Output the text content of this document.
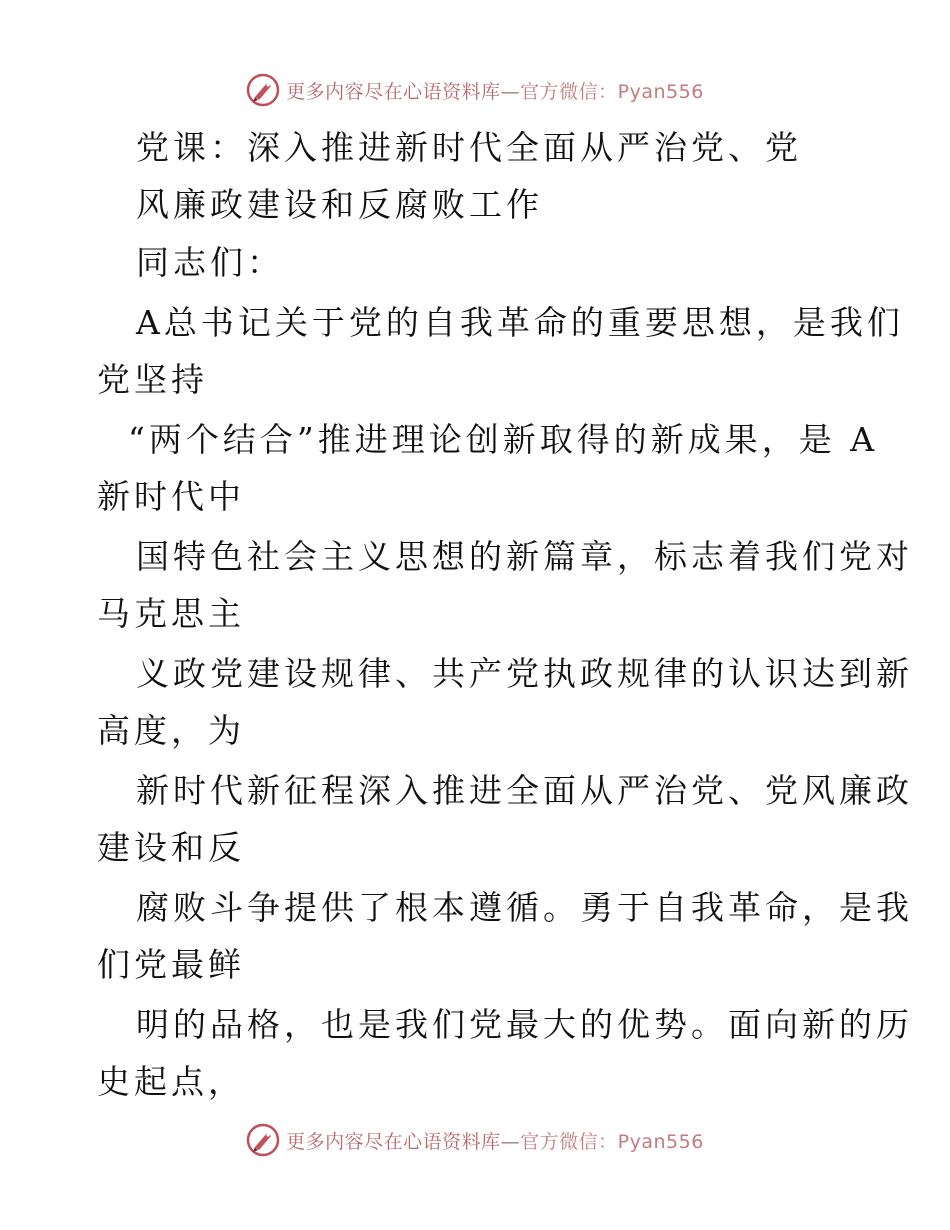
更多内容尽在心语资料库—官方微信：Pyan556
党课：深入推进新时代全面从严治党、党
风廉政建设和反腐败工作
同志们：
A总书记关于党的自我革命的重要思想，是我们
党坚持
“两个结合”推进理论创新取得的新成果，是 A
新时代中
国特色社会主义思想的新篇章，标志着我们党对
马克思主
义政党建设规律、共产党执政规律的认识达到新
高度，为
新时代新征程深入推进全面从严治党、党风廉政
建设和反
腐败斗争提供了根本遵循。勇于自我革命，是我
们党最鲜
明的品格，也是我们党最大的优势。面向新的历
史起点，
更多内容尽在心语资料库—官方微信：Pyan556
